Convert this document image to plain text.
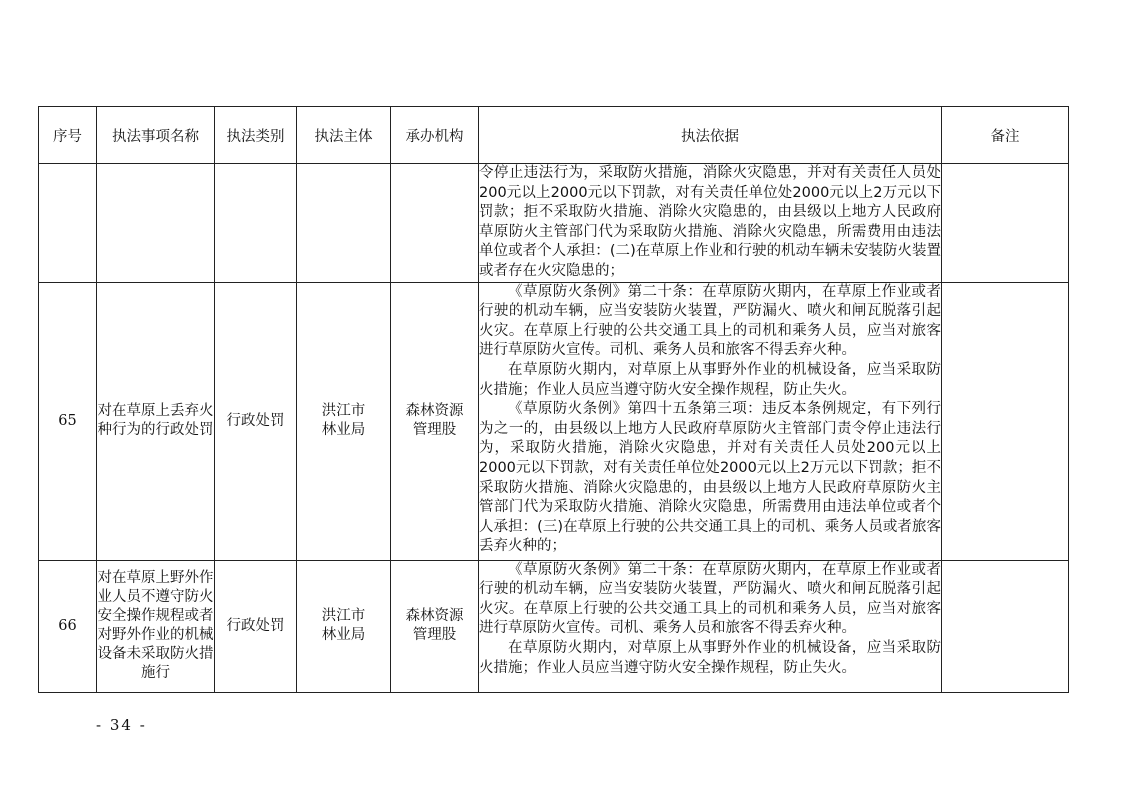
序号	执法事项名称	执法类别	执法主体	承办机构	执法依据	备注

					令停止违法行为，采取防火措施，消除火灾隐患，并对有关责任人员处200元以上2000元以下罚款，对有关责任单位处2000元以上2万元以下罚款；拒不采取防火措施、消除火灾隐患的，由县级以上地方人民政府草原防火主管部门代为采取防火措施、消除火灾隐患，所需费用由违法单位或者个人承担：(二)在草原上作业和行驶的机动车辆未安装防火装置或者存在火灾隐患的；	

65	对在草原上丢弃火种行为的行政处罚	行政处罚	洪江市林业局	森林资源管理股	《草原防火条例》第二十条：在草原防火期内，在草原上作业或者行驶的机动车辆，应当安装防火装置，严防漏火、喷火和闸瓦脱落引起火灾。在草原上行驶的公共交通工具上的司机和乘务人员，应当对旅客进行草原防火宣传。司机、乘务人员和旅客不得丢弃火种。

在草原防火期内，对草原上从事野外作业的机械设备，应当采取防火措施；作业人员应当遵守防火安全操作规程，防止失火。

《草原防火条例》第四十五条第三项：违反本条例规定，有下列行为之一的，由县级以上地方人民政府草原防火主管部门责令停止违法行为，采取防火措施，消除火灾隐患，并对有关责任人员处200元以上2000元以下罚款，对有关责任单位处2000元以上2万元以下罚款；拒不采取防火措施、消除火灾隐患的，由县级以上地方人民政府草原防火主管部门代为采取防火措施、消除火灾隐患，所需费用由违法单位或者个人承担：(三)在草原上行驶的公共交通工具上的司机、乘务人员或者旅客丢弃火种的；	

66	对在草原上野外作业人员不遵守防火安全操作规程或者对野外作业的机械设备未采取防火措施行	行政处罚	洪江市林业局	森林资源管理股	《草原防火条例》第二十条：在草原防火期内，在草原上作业或者行驶的机动车辆，应当安装防火装置，严防漏火、喷火和闸瓦脱落引起火灾。在草原上行驶的公共交通工具上的司机和乘务人员，应当对旅客进行草原防火宣传。司机、乘务人员和旅客不得丢弃火种。

在草原防火期内，对草原上从事野外作业的机械设备，应当采取防火措施；作业人员应当遵守防火安全操作规程，防止失火。	

- 34 -
